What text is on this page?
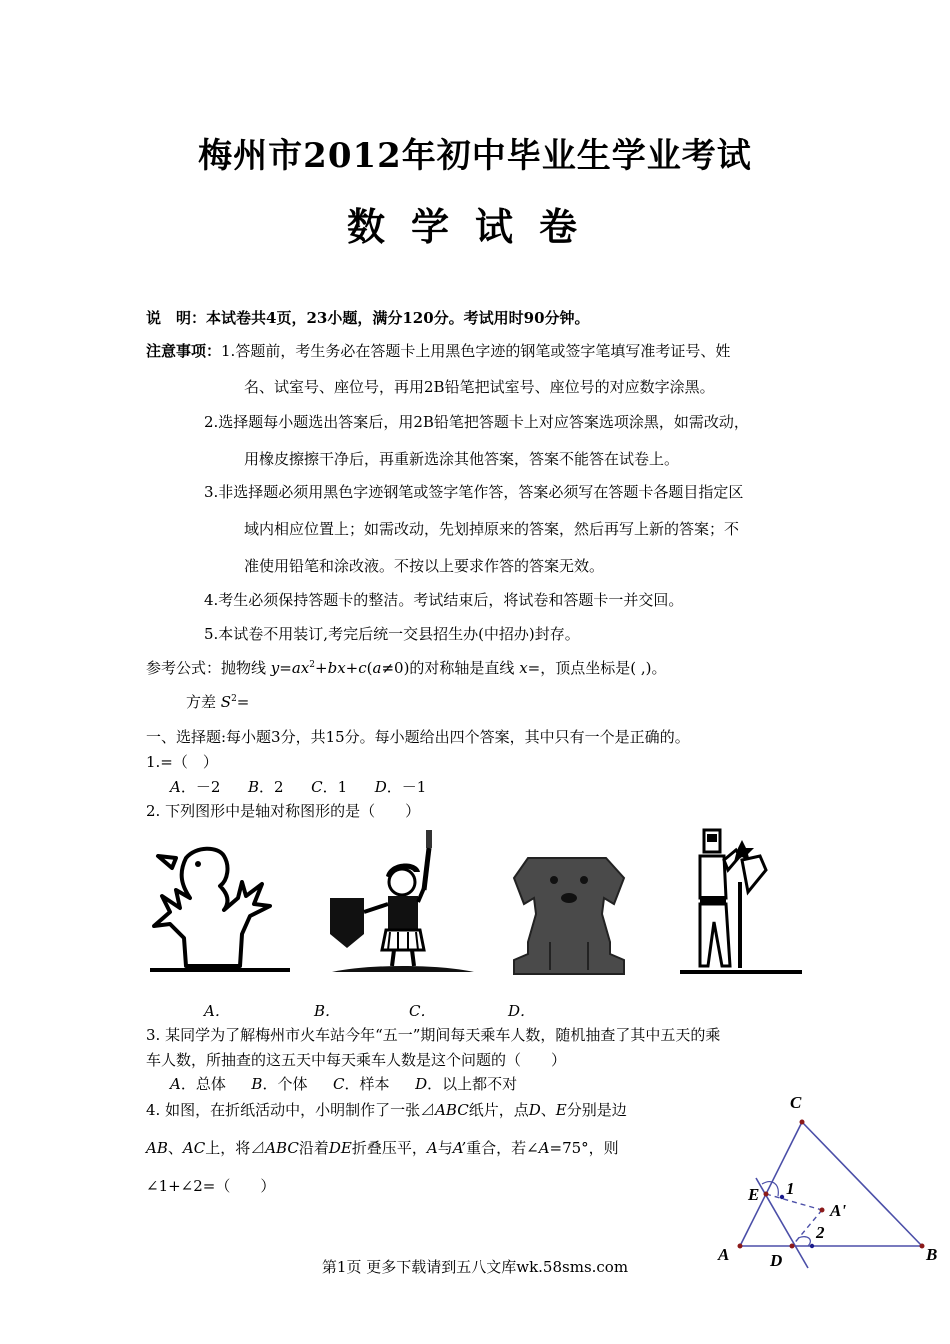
梅州市2012年初中毕业生学业考试
数学试卷
说　明：本试卷共4页，23小题，满分120分。考试用时90分钟。
注意事项：1.答题前，考生务必在答题卡上用黑色字迹的钢笔或签字笔填写准考证号、姓
名、试室号、座位号，再用2B铅笔把试室号、座位号的对应数字涂黑。
2.选择题每小题选出答案后，用2B铅笔把答题卡上对应答案选项涂黑，如需改动，
用橡皮擦擦干净后，再重新选涂其他答案，答案不能答在试卷上。
3.非选择题必须用黑色字迹钢笔或签字笔作答，答案必须写在答题卡各题目指定区
域内相应位置上；如需改动，先划掉原来的答案，然后再写上新的答案；不
准使用铅笔和涂改液。不按以上要求作答的答案无效。
4.考生必须保持答题卡的整洁。考试结束后，将试卷和答题卡一并交回。
5.本试卷不用装订,考完后统一交县招生办(中招办)封存。
参考公式：抛物线 $y=ax^2+bx+c(a\ne 0)$的对称轴是直线 x=，顶点坐标是( ,)。
方差 $S^2=$
一、选择题:每小题3分，共15分。每小题给出四个答案，其中只有一个是正确的。
1.=（　）
A．－2 B．2 C．1 D．－1
2. 下列图形中是轴对称图形的是（　　）
A．	B．	C．	D．
3. 某同学为了解梅州市火车站今年“五一”期间每天乘车人数，随机抽查了其中五天的乘
车人数，所抽查的这五天中每天乘车人数是这个问题的（　　）
A．总体 B．个体 C．样本 D．以上都不对
4. 如图，在折纸活动中，小明制作了一张⊿ABC纸片，点D、E分别是边
AB、AC上，将⊿ABC沿着DE折叠压平，A与A’重合，若∠A=75°，则
∠1+∠2=（　　）
C
E 1
A'
2
A D	B
第1页 更多下载请到五八文库wk.58sms.com
